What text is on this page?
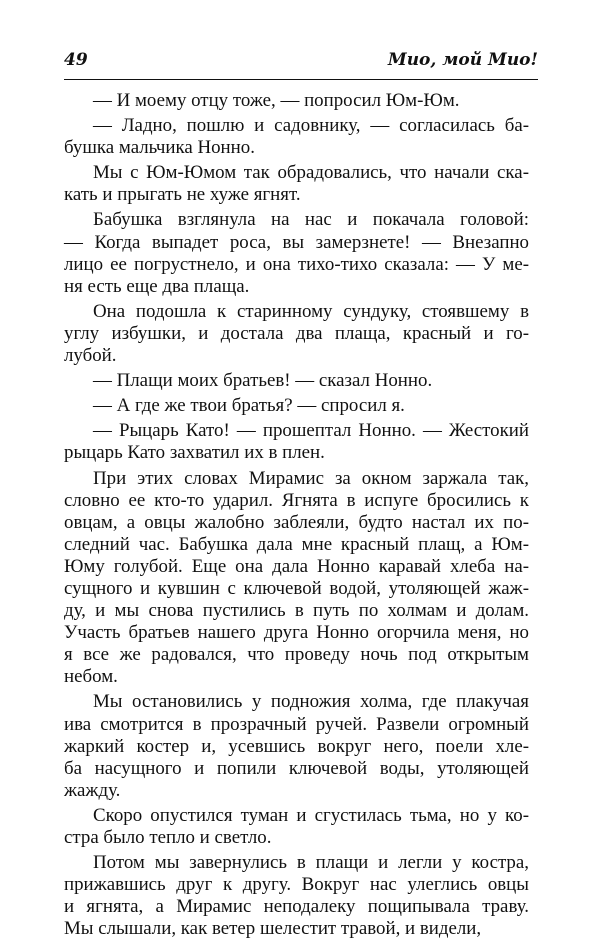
49	Мио, мой Мио!

— И моему отцу тоже, — попросил Юм-Юм.

— Ладно, пошлю и садовнику, — согласилась ба-
бушка мальчика Нонно.

Мы с Юм-Юмом так обрадовались, что начали ска-
кать и прыгать не хуже ягнят.

Бабушка взглянула на нас и покачала головой:
— Когда выпадет роса, вы замерзнете! — Внезапно
лицо ее погрустнело, и она тихо-тихо сказала: — У ме-
ня есть еще два плаща.

Она подошла к старинному сундуку, стоявшему в
углу избушки, и достала два плаща, красный и го-
лубой.

— Плащи моих братьев! — сказал Нонно.

— А где же твои братья? — спросил я.

— Рыцарь Като! — прошептал Нонно. — Жестокий
рыцарь Като захватил их в плен.

При этих словах Мирамис за окном заржала так,
словно ее кто-то ударил. Ягнята в испуге бросились к
овцам, а овцы жалобно заблеяли, будто настал их по-
следний час. Бабушка дала мне красный плащ, а Юм-
Юму голубой. Еще она дала Нонно каравай хлеба на-
сущного и кувшин с ключевой водой, утоляющей жаж-
ду, и мы снова пустились в путь по холмам и долам.
Участь братьев нашего друга Нонно огорчила меня, но
я все же радовался, что проведу ночь под открытым
небом.

Мы остановились у подножия холма, где плакучая
ива смотрится в прозрачный ручей. Развели огромный
жаркий костер и, усевшись вокруг него, поели хле-
ба насущного и попили ключевой воды, утоляющей
жажду.

Скоро опустился туман и сгустилась тьма, но у ко-
стра было тепло и светло.

Потом мы завернулись в плащи и легли у костра,
прижавшись друг к другу. Вокруг нас улеглись овцы
и ягнята, а Мирамис неподалеку пощипывала траву.
Мы слышали, как ветер шелестит травой, и видели,
